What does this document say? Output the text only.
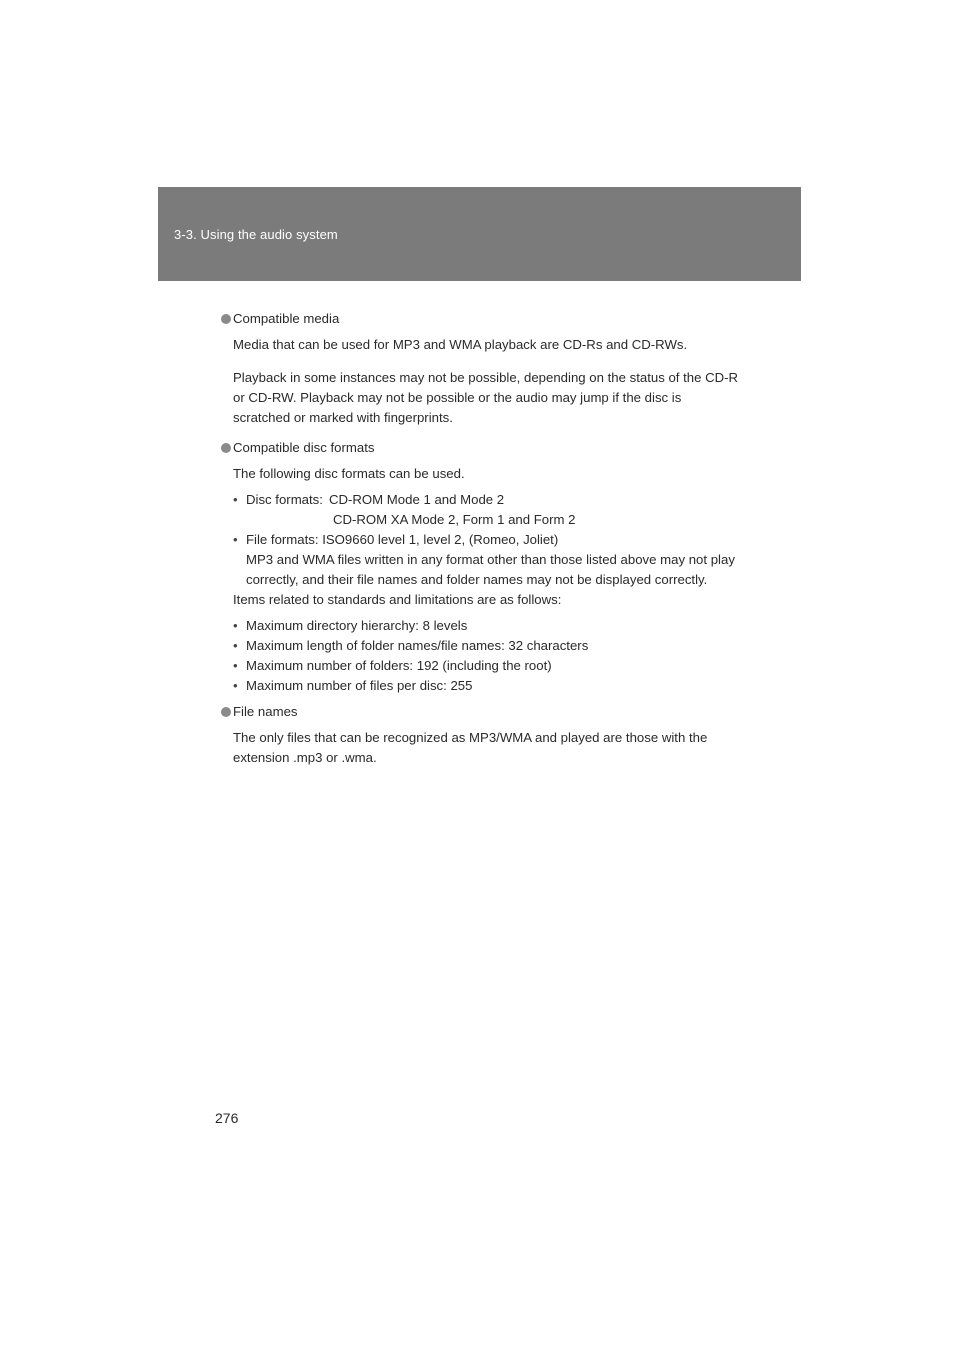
3-3. Using the audio system
Compatible media

Media that can be used for MP3 and WMA playback are CD-Rs and CD-RWs.

Playback in some instances may not be possible, depending on the status of the CD-R or CD-RW. Playback may not be possible or the audio may jump if the disc is scratched or marked with fingerprints.

Compatible disc formats

The following disc formats can be used.

• Disc formats: CD-ROM Mode 1 and Mode 2
CD-ROM XA Mode 2, Form 1 and Form 2
• File formats: ISO9660 level 1, level 2, (Romeo, Joliet)

MP3 and WMA files written in any format other than those listed above may not play correctly, and their file names and folder names may not be displayed correctly.

Items related to standards and limitations are as follows:

• Maximum directory hierarchy: 8 levels
• Maximum length of folder names/file names: 32 characters
• Maximum number of folders: 192 (including the root)
• Maximum number of files per disc: 255
File names

The only files that can be recognized as MP3/WMA and played are those with the extension .mp3 or .wma.

276
